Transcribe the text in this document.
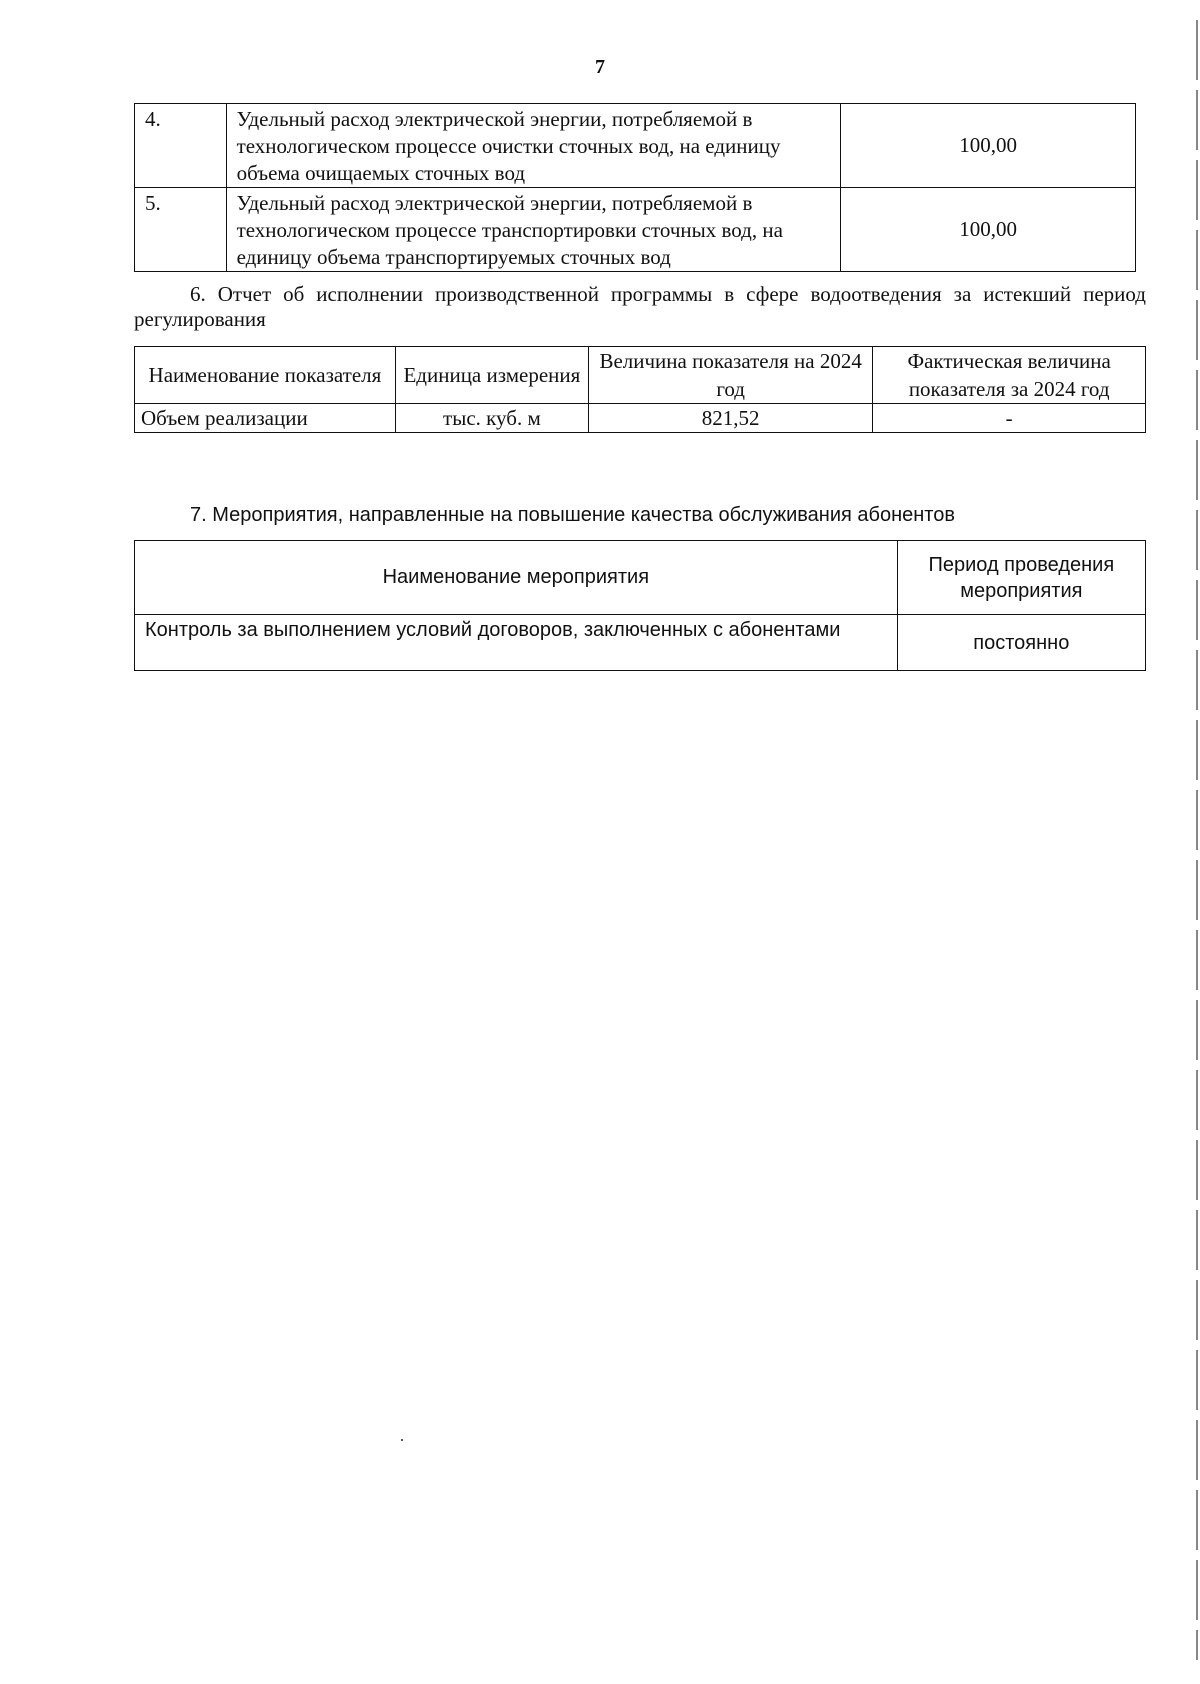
7
4.	Удельный расход электрической энергии, потребляемой в технологическом процессе очистки сточных вод, на единицу объема очищаемых сточных вод	100,00
5.	Удельный расход электрической энергии, потребляемой в технологическом процессе транспортировки сточных вод, на единицу объема транспортируемых сточных вод	100,00
6. Отчет об исполнении производственной программы в сфере водоотведения за истекший период регулирования
Наименование показателя	Единица измерения	Величина показателя на 2024 год	Фактическая величина показателя за 2024 год
Объем реализации	тыс. куб. м	821,52	-
7. Мероприятия, направленные на повышение качества обслуживания абонентов
Наименование мероприятия	Период проведения мероприятия
Контроль за выполнением условий договоров, заключенных с абонентами	постоянно
